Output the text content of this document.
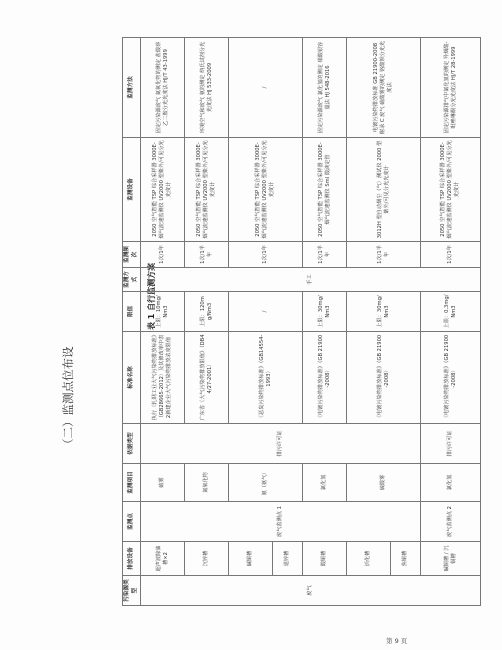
（二）监测点位布设
表 1 自行监测方案
污染源类型	排放设备	监测点	监测项目	依据类型	标准名称	限值	监测方式	监测频次	监测设备	监测方法
废气	超声波除油槽×2	废气监测点 1	硫雾	排污许可证	执行《轧钢工业大气污染物排放标准》（GB28665-2012）及其修改单中表2新建企业大气污染物排放浓度限值	上限：10mg/Nm3	手工	1次/1年	2050 空气智能 TSP 综合采样器 3000E-烟气流速监测仪 UV2000 型紫外/可见分光光度计	固定污染源废气 氮氧化物的测定 盐酸萘乙二胺分光光度法 HJ/T 43-1999
	沉锌槽		氮氧化物		广东省《大气污染物排放限值》（DB44/27-2001）	上限：120mg/Nm3		1次/1半年	2050 空气智能 TSP 综合采样器 3000E-烟气流速监测仪 UV2000 型紫外/可见分光光度计	环境空气和废气 氨的测定 纳氏试剂分光光度法 HJ 533-2009
	碱铜槽		氨（氨气）		《恶臭污染物排放标准》（GB14554-1993）	/		1次/1年	2050 空气智能 TSP 综合采样器 3000E-烟气流速监测仪 UV2000 型紫外/可见分光光度计	/
	退锌槽									
	酸铜槽		氯化氢		《电镀污染物排放标准》（GB 21900-2008）	上限：30mg/Nm3		1次/1半年	2050 空气智能 TSP 综合采样器 3000E-烟气流速监测仪 Sml 酸滴定管	固定污染源废气 氯化氢的测定 硝酸银容量法 HJ 548-2016
	活化槽		硫酸雾		《电镀污染物排放标准》（GB 21900-2008）	上限：30mg/Nm3		1次/1半年	3012H 型自动烟尘（气）测试仪 2000 型紫外/可见分光光度计	电镀污染物排放标准 GB 21900-2008 附录 C 废气 硫酸雾的测定 铬酸钡分光光度法
	焦铜槽									
	碱铜槽 / 沉铜槽	废气监测点 2	氯化氢	排污许可证	《电镀污染物排放标准》（GB 21900-2008）	上限：0.3mg/Nm3		1次/1年	2050 空气智能 TSP 综合采样器 3000E-烟气流速监测仪 UV2000 型紫外/可见分光光度计	固定污染源排气中氯化氢的测定 异烟酸-吡唑啉酮分光光度法 HJ/T 28-1999
第 9 页
